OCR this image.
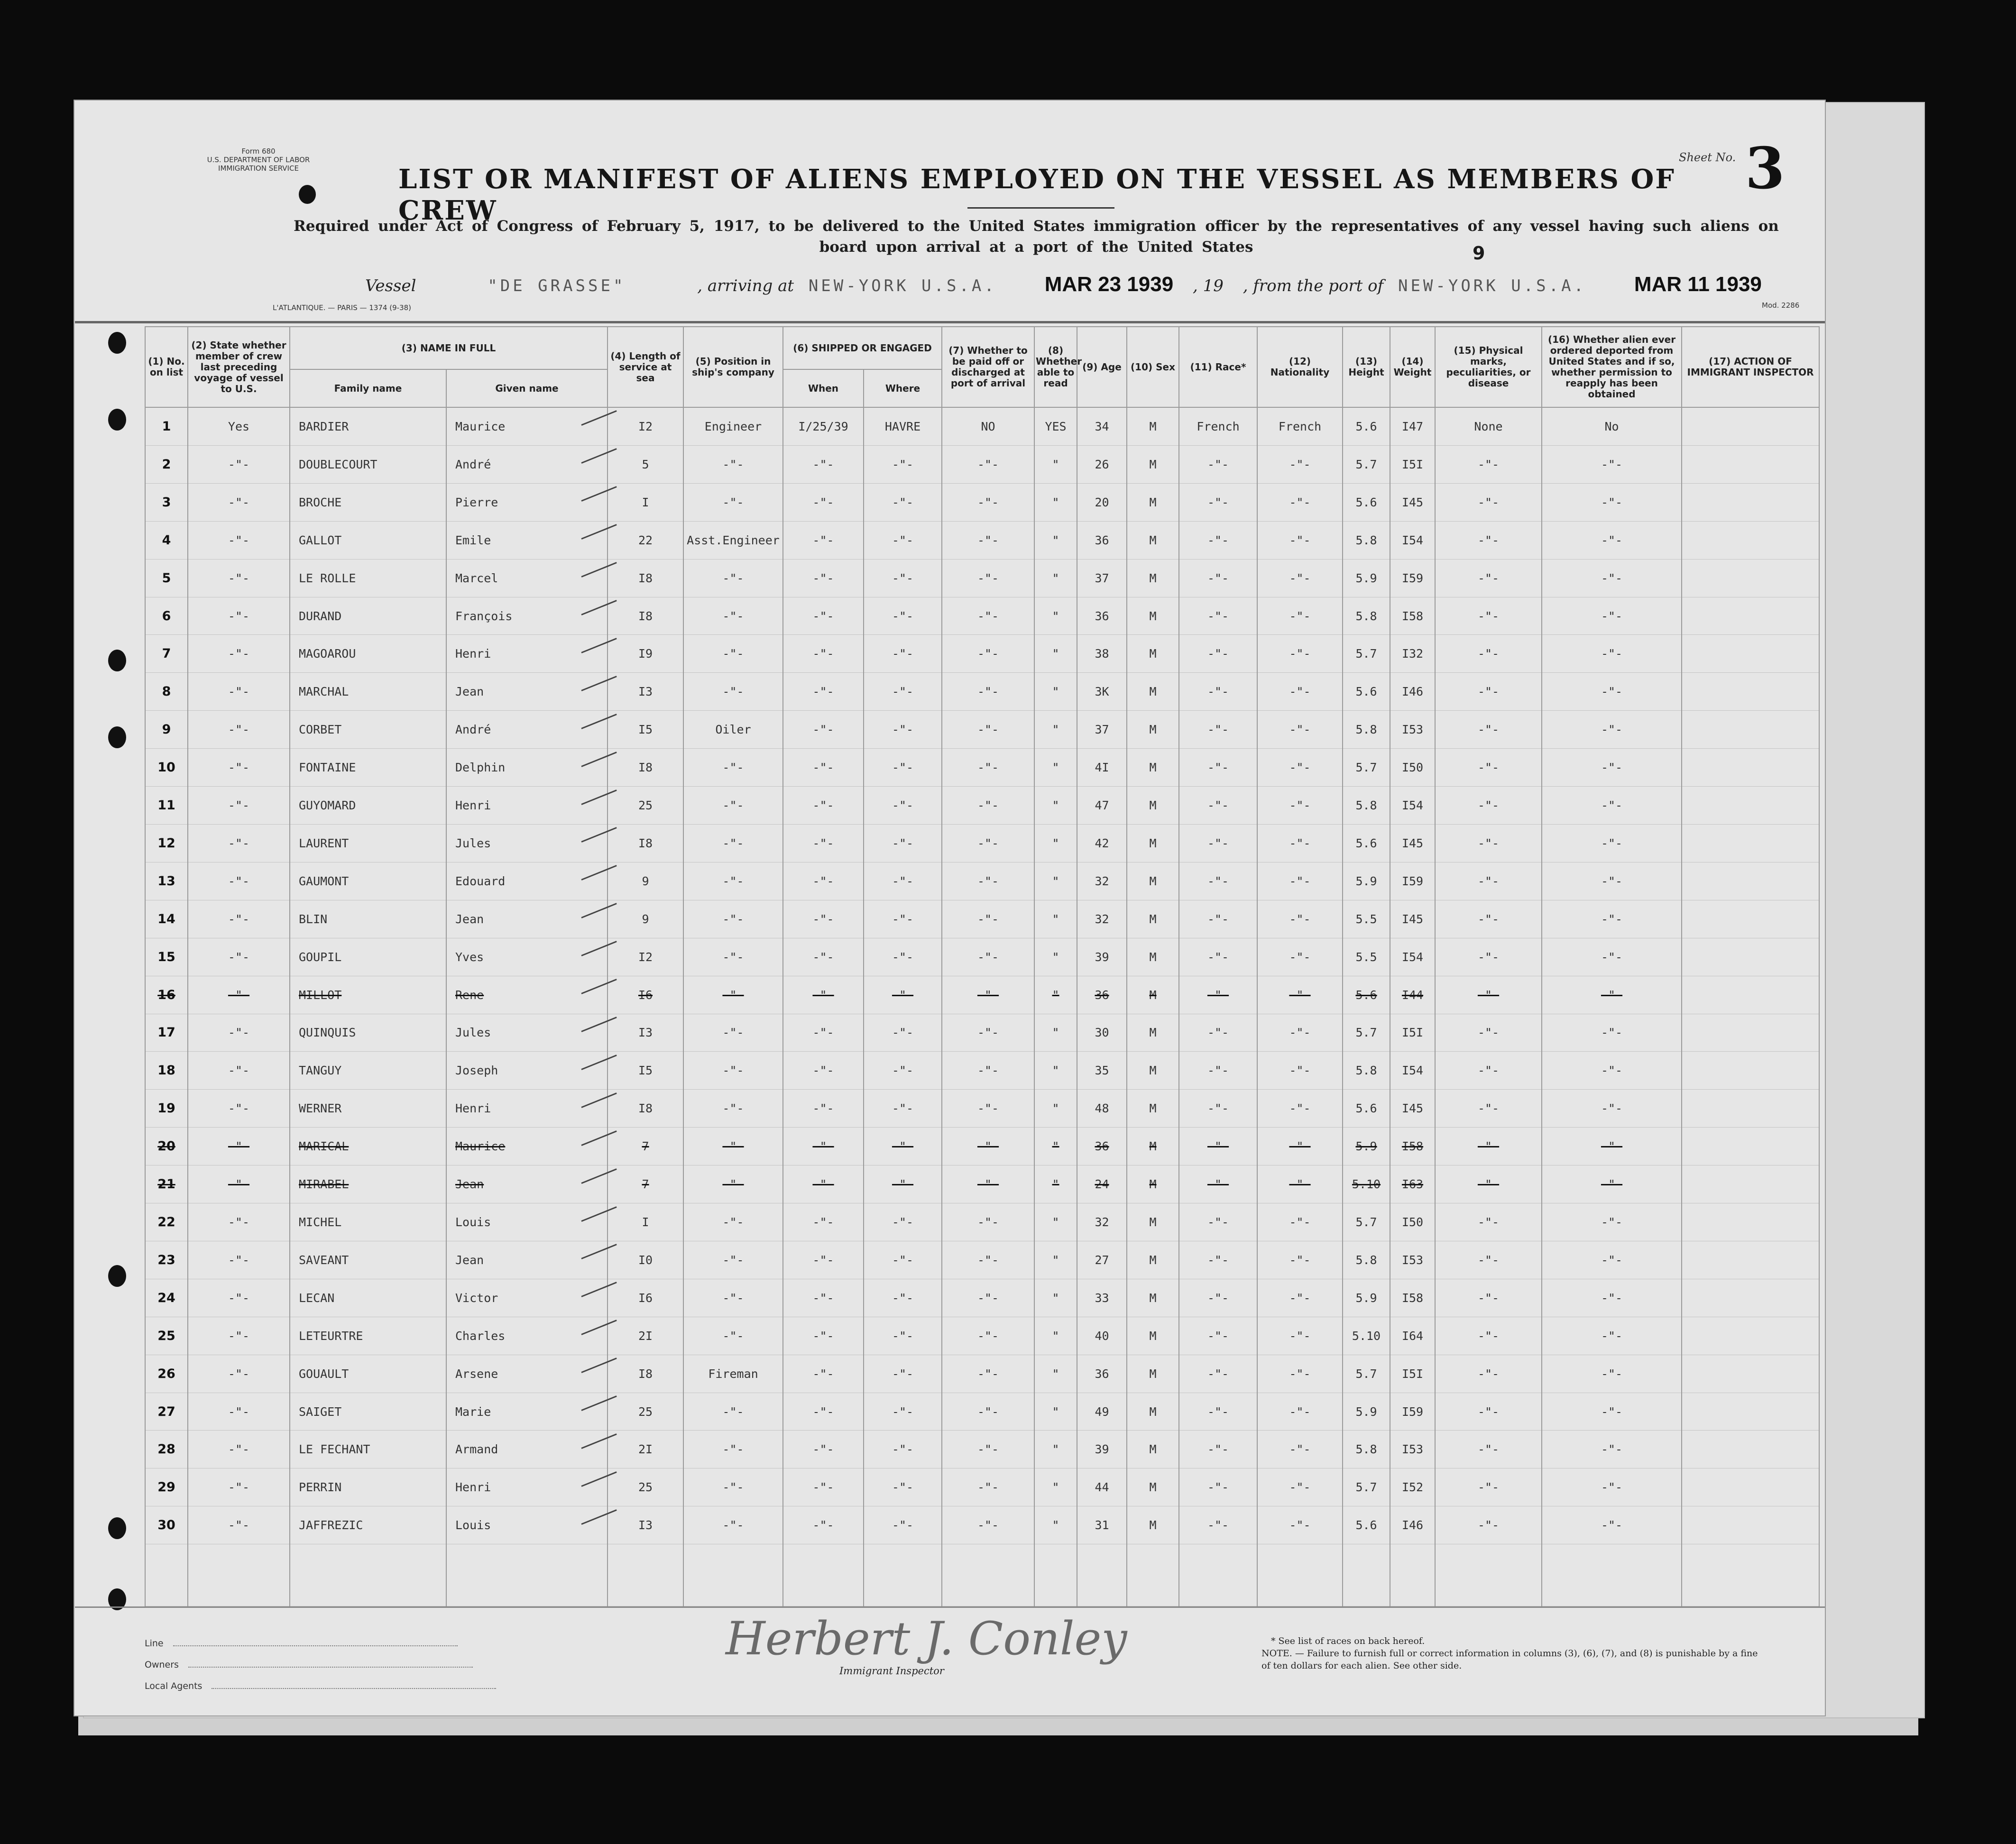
Form 680
U.S. DEPARTMENT OF LABOR
IMMIGRATION SERVICE	LIST OR MANIFEST OF ALIENS EMPLOYED ON THE VESSEL AS MEMBERS OF CREW
Sheet No. 3
Required under Act of Congress of February 5, 1917, to be delivered to the United States immigration officer by the representatives of any vessel having such aliens on board upon arrival at a port of the United States	9
Vessel	"DE GRASSE"	, arriving at NEW-YORK U.S.A. MAR 23 1939 , 19 , from the port of NEW-YORK U.S.A. MAR 11 1939
L'ATLANTIQUE. — PARIS — 1374 (9-38)	Mod. 2286
(1) No. on list	(2) State whether member of crew last preceding voyage of vessel to U.S.	(3) NAME IN FULL		(4) Length of service at sea	(5) Position in ship's company	(6) SHIPPED OR ENGAGED		(7) Whether to be paid off or discharged at port of arrival	(8) Whether able to read	(9) Age	(10) Sex	(11) Race*	(12) Nationality	(13) Height	(14) Weight	(15) Physical marks, peculiarities, or disease	(16) Whether alien ever ordered deported from United States and if so, whether permission to reapply has been obtained	(17) ACTION OF IMMIGRANT INSPECTOR
		Family name	Given name			When	Where											
1	Yes	BARDIER	Maurice	I2	Engineer	I/25/39	HAVRE	NO	YES	34	M	French	French	5.6	I47	None	No	
2	-"-	DOUBLECOURT	André	5	-"-	-"-	-"-	-"-	"	26	M	-"-	-"-	5.7	I5I	-"-	-"-	
3	-"-	BROCHE	Pierre	I	-"-	-"-	-"-	-"-	"	20	M	-"-	-"-	5.6	I45	-"-	-"-	
4	-"-	GALLOT	Emile	22	Asst.Engineer	-"-	-"-	-"-	"	36	M	-"-	-"-	5.8	I54	-"-	-"-	
5	-"-	LE ROLLE	Marcel	I8	-"-	-"-	-"-	-"-	"	37	M	-"-	-"-	5.9	I59	-"-	-"-	
6	-"-	DURAND	François	I8	-"-	-"-	-"-	-"-	"	36	M	-"-	-"-	5.8	I58	-"-	-"-	
7	-"-	MAGOAROU	Henri	I9	-"-	-"-	-"-	-"-	"	38	M	-"-	-"-	5.7	I32	-"-	-"-	
8	-"-	MARCHAL	Jean	I3	-"-	-"-	-"-	-"-	"	3K	M	-"-	-"-	5.6	I46	-"-	-"-	
9	-"-	CORBET	André	I5	Oiler	-"-	-"-	-"-	"	37	M	-"-	-"-	5.8	I53	-"-	-"-	
10	-"-	FONTAINE	Delphin	I8	-"-	-"-	-"-	-"-	"	4I	M	-"-	-"-	5.7	I50	-"-	-"-	
11	-"-	GUYOMARD	Henri	25	-"-	-"-	-"-	-"-	"	47	M	-"-	-"-	5.8	I54	-"-	-"-	
12	-"-	LAURENT	Jules	I8	-"-	-"-	-"-	-"-	"	42	M	-"-	-"-	5.6	I45	-"-	-"-	
13	-"-	GAUMONT	Edouard	9	-"-	-"-	-"-	-"-	"	32	M	-"-	-"-	5.9	I59	-"-	-"-	
14	-"-	BLIN	Jean	9	-"-	-"-	-"-	-"-	"	32	M	-"-	-"-	5.5	I45	-"-	-"-	
15	-"-	GOUPIL	Yves	I2	-"-	-"-	-"-	-"-	"	39	M	-"-	-"-	5.5	I54	-"-	-"-	
16	-"-	MILLOT	Rene	I6	-"-	-"-	-"-	-"-	"	36	M	-"-	-"-	5.6	I44	-"-	-"-	
17	-"-	QUINQUIS	Jules	I3	-"-	-"-	-"-	-"-	"	30	M	-"-	-"-	5.7	I5I	-"-	-"-	
18	-"-	TANGUY	Joseph	I5	-"-	-"-	-"-	-"-	"	35	M	-"-	-"-	5.8	I54	-"-	-"-	
19	-"-	WERNER	Henri	I8	-"-	-"-	-"-	-"-	"	48	M	-"-	-"-	5.6	I45	-"-	-"-	
20	-"-	MARICAL	Maurice	7	-"-	-"-	-"-	-"-	"	36	M	-"-	-"-	5.9	I58	-"-	-"-	
21	-"-	MIRABEL	Jean	7	-"-	-"-	-"-	-"-	"	24	M	-"-	-"-	5.10	I63	-"-	-"-	
22	-"-	MICHEL	Louis	I	-"-	-"-	-"-	-"-	"	32	M	-"-	-"-	5.7	I50	-"-	-"-	
23	-"-	SAVEANT	Jean	I0	-"-	-"-	-"-	-"-	"	27	M	-"-	-"-	5.8	I53	-"-	-"-	
24	-"-	LECAN	Victor	I6	-"-	-"-	-"-	-"-	"	33	M	-"-	-"-	5.9	I58	-"-	-"-	
25	-"-	LETEURTRE	Charles	2I	-"-	-"-	-"-	-"-	"	40	M	-"-	-"-	5.10	I64	-"-	-"-	
26	-"-	GOUAULT	Arsene	I8	Fireman	-"-	-"-	-"-	"	36	M	-"-	-"-	5.7	I5I	-"-	-"-	
27	-"-	SAIGET	Marie	25	-"-	-"-	-"-	-"-	"	49	M	-"-	-"-	5.9	I59	-"-	-"-	
28	-"-	LE FECHANT	Armand	2I	-"-	-"-	-"-	-"-	"	39	M	-"-	-"-	5.8	I53	-"-	-"-	
29	-"-	PERRIN	Henri	25	-"-	-"-	-"-	-"-	"	44	M	-"-	-"-	5.7	I52	-"-	-"-	
30	-"-	JAFFREZIC	Louis	I3	-"-	-"-	-"-	-"-	"	31	M	-"-	-"-	5.6	I46	-"-	-"-	

Line
Owners
Local Agents
Herbert J. Conley
Immigrant Inspector
* See list of races on back hereof.
NOTE. — Failure to furnish full or correct information in columns (3), (6), (7), and (8) is punishable by a fine of ten dollars for each alien. See other side.
